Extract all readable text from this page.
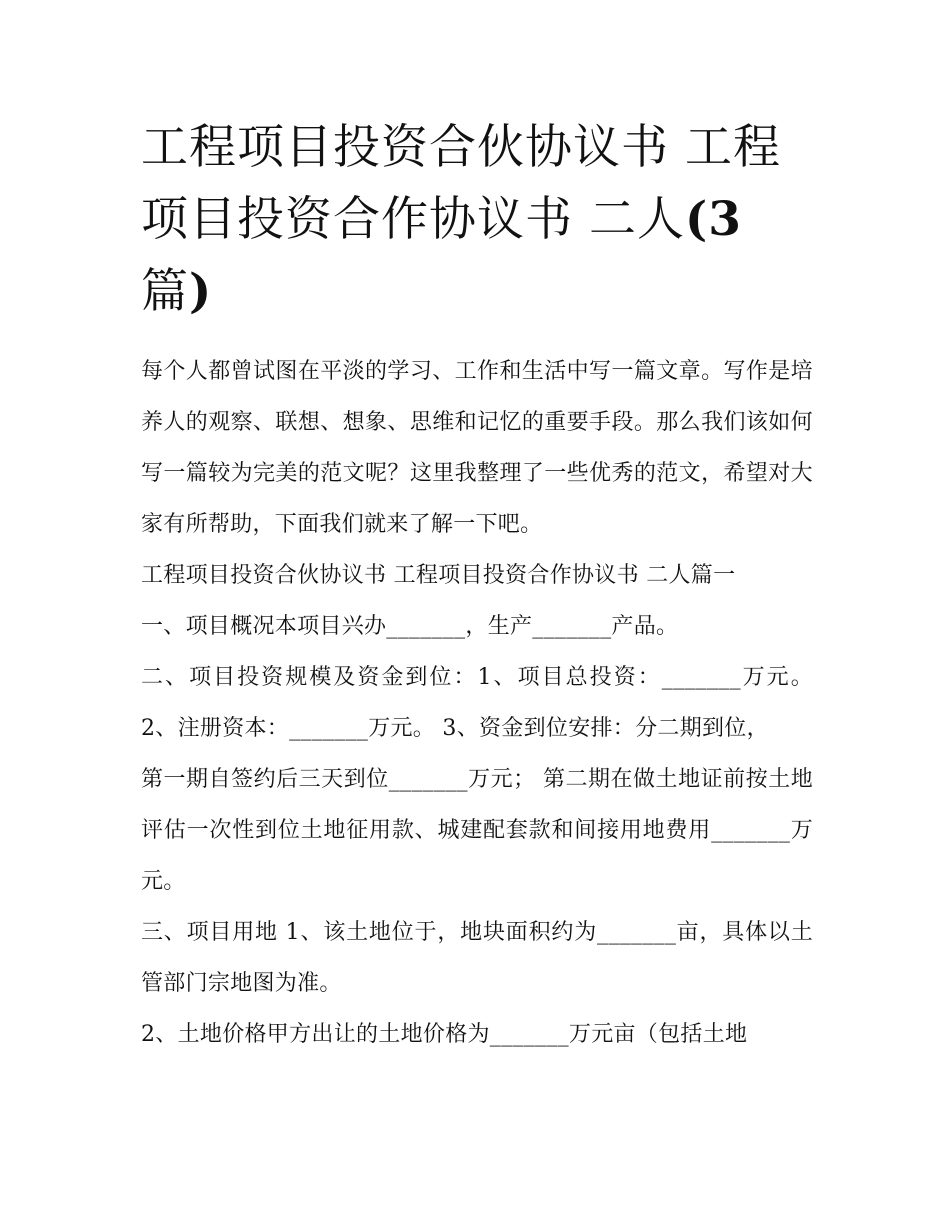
工程项目投资合伙协议书 工程
项目投资合作协议书 二人(3
篇)

每个人都曾试图在平淡的学习、工作和生活中写一篇文章。写作是培养人的观察、联想、想象、思维和记忆的重要手段。那么我们该如何写一篇较为完美的范文呢？这里我整理了一些优秀的范文，希望对大家有所帮助，下面我们就来了解一下吧。

工程项目投资合伙协议书 工程项目投资合作协议书 二人篇一

一、项目概况本项目兴办_______，生产_______产品。

二、项目投资规模及资金到位：1、项目总投资：_______万元。 2、注册资本：_______万元。 3、资金到位安排：分二期到位，

第一期自签约后三天到位_______万元； 第二期在做土地证前按土地评估一次性到位土地征用款、城建配套款和间接用地费用_______万元。

三、项目用地 1、该土地位于，地块面积约为_______亩，具体以土管部门宗地图为准。

2、土地价格甲方出让的土地价格为_______万元亩（包括土地
